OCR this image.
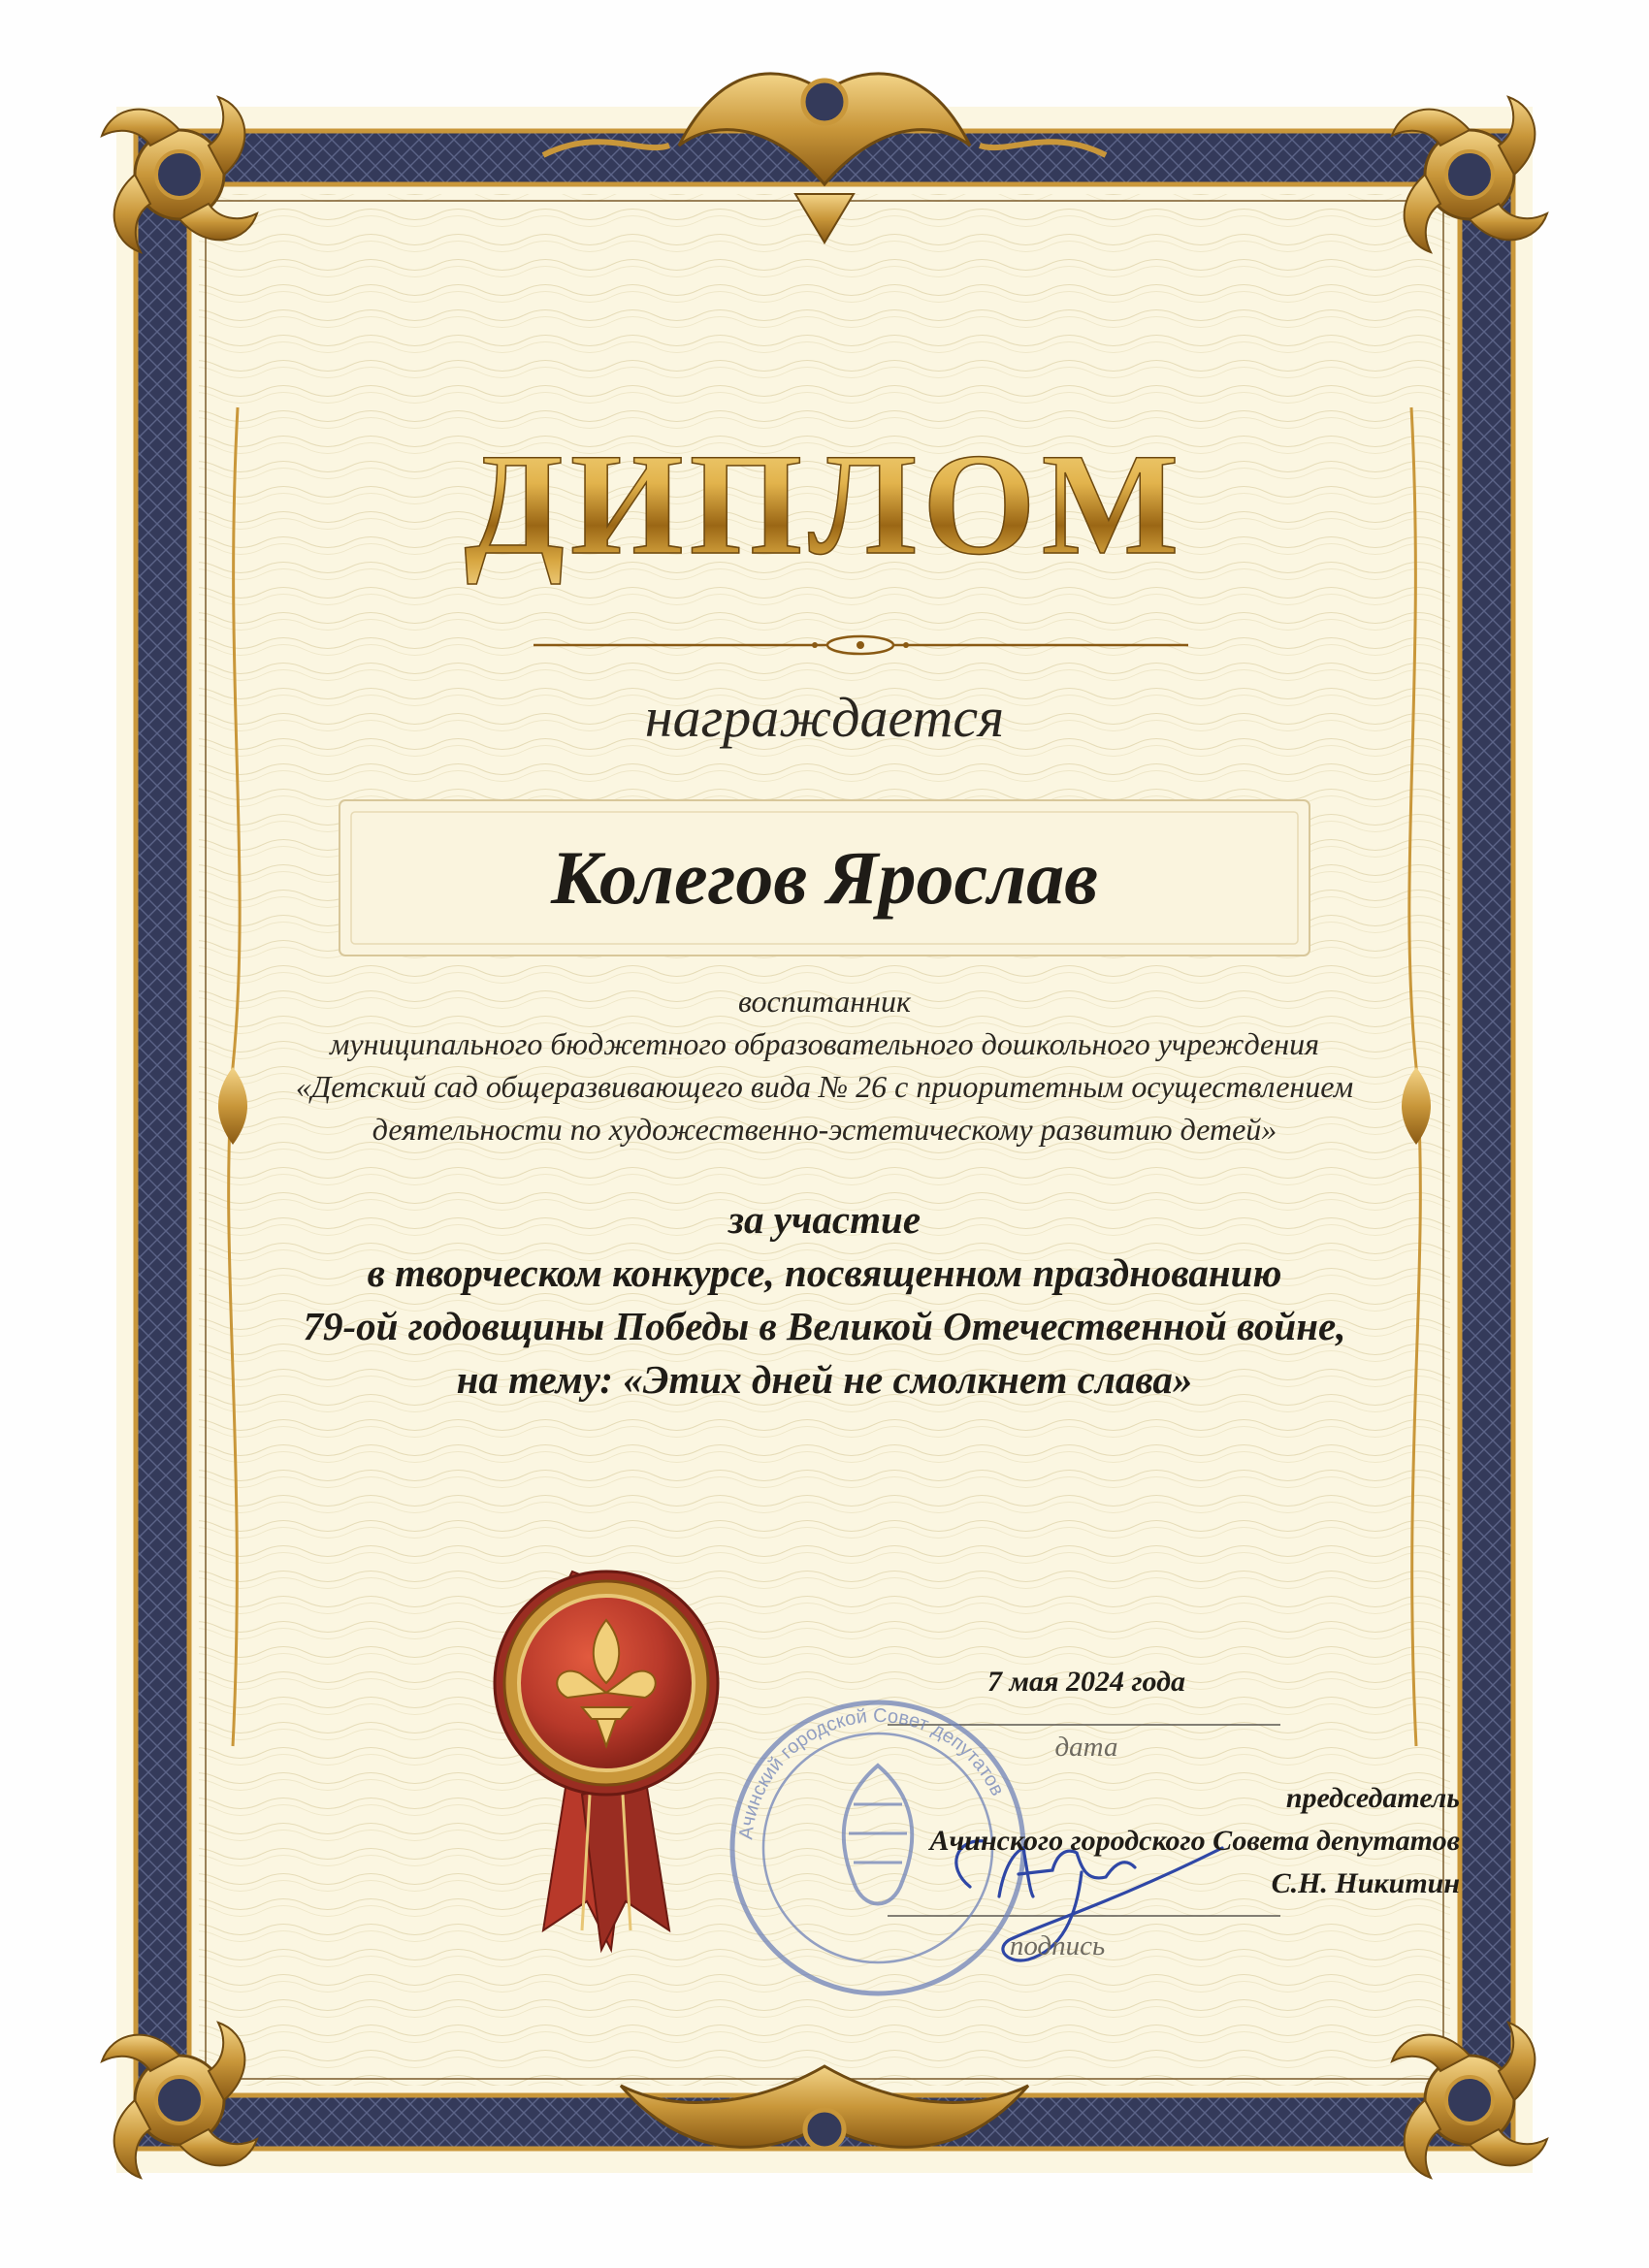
Ачинский городской Совет депутатов
ДИПЛОМ
награждается
Колегов Ярослав
воспитанник
муниципального бюджетного образовательного дошкольного учреждения
«Детский сад общеразвивающего вида № 26 с приоритетным осуществлением
деятельности по художественно-эстетическому развитию детей»
за участие
в творческом конкурсе, посвященном празднованию
79-ой годовщины Победы в Великой Отечественной войне,
на тему: «Этих дней не смолкнет слава»
7 мая 2024 года
дата
председатель
Ачинского городского Совета депутатов
С.Н. Никитин
подпись
